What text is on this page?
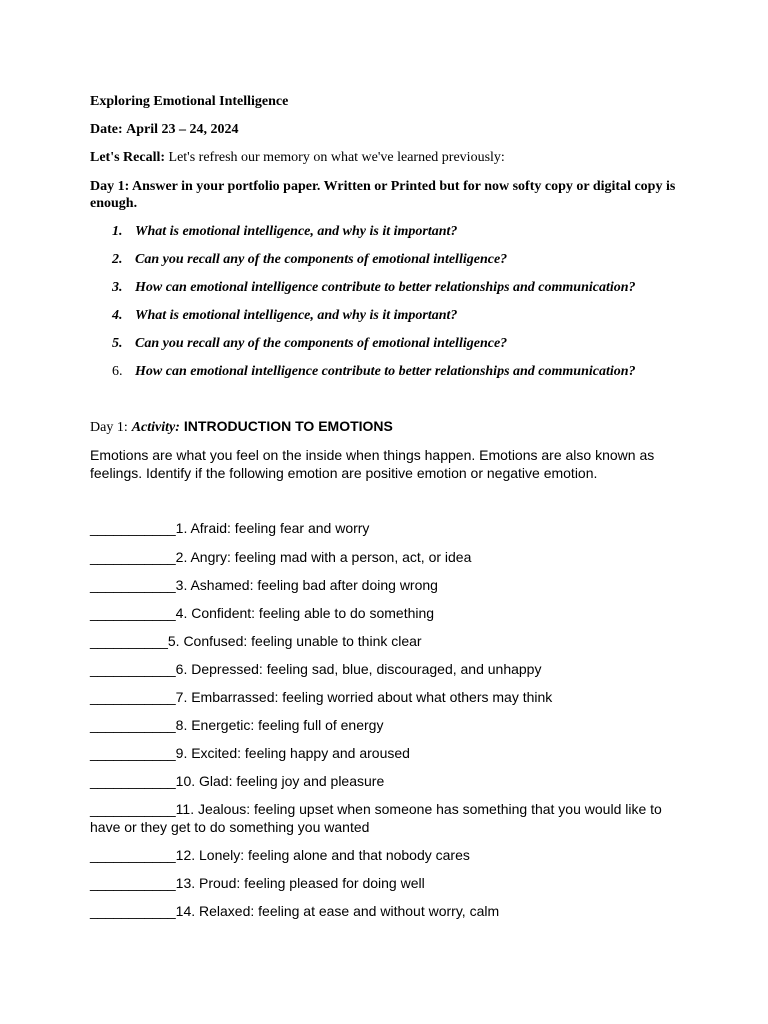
Exploring Emotional Intelligence
Date: April 23 – 24, 2024
Let's Recall: Let's refresh our memory on what we've learned previously:
Day 1: Answer in your portfolio paper. Written or Printed but for now softy copy or digital copy is enough.
1. What is emotional intelligence, and why is it important?
2. Can you recall any of the components of emotional intelligence?
3. How can emotional intelligence contribute to better relationships and communication?
4. What is emotional intelligence, and why is it important?
5. Can you recall any of the components of emotional intelligence?
6. How can emotional intelligence contribute to better relationships and communication?
Day 1: Activity: INTRODUCTION TO EMOTIONS
Emotions are what you feel on the inside when things happen. Emotions are also known as feelings. Identify if the following emotion are positive emotion or negative emotion.
___________1. Afraid: feeling fear and worry
___________2. Angry: feeling mad with a person, act, or idea
___________3. Ashamed: feeling bad after doing wrong
___________4. Confident: feeling able to do something
__________5. Confused: feeling unable to think clear
___________6. Depressed: feeling sad, blue, discouraged, and unhappy
___________7. Embarrassed: feeling worried about what others may think
___________8. Energetic: feeling full of energy
___________9. Excited: feeling happy and aroused
___________10. Glad: feeling joy and pleasure
___________11. Jealous: feeling upset when someone has something that you would like to have or they get to do something you wanted
___________12. Lonely: feeling alone and that nobody cares
___________13. Proud: feeling pleased for doing well
___________14. Relaxed: feeling at ease and without worry, calm
